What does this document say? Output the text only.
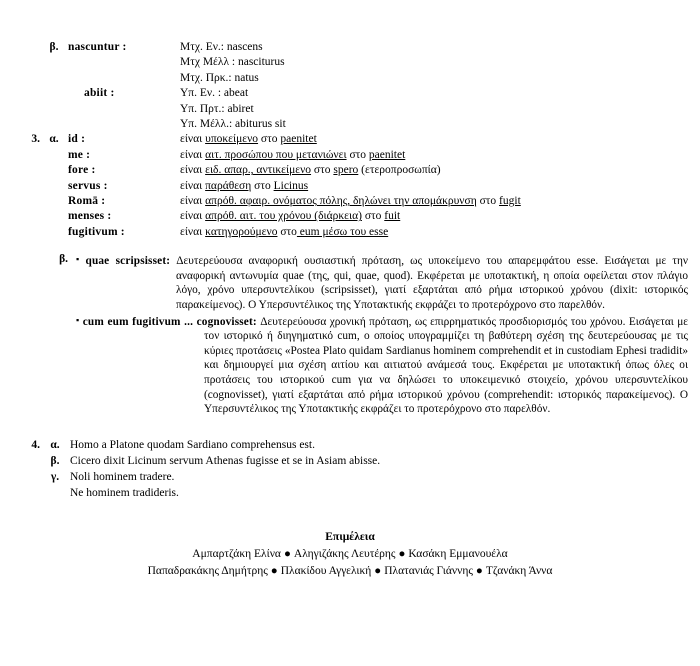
β. nascuntur :	Μτχ. Εν.: nascens
Μτχ Μέλλ : nasciturus
Μτχ. Πρκ.: natus
abiit :	Υπ. Εν. : abeat
Υπ. Πρτ.: abiret
Υπ. Μέλλ.: abiturus sit
3. α. id :	είναι υποκείμενο στο paenitet
me :	είναι αιτ. προσώπου που μετανιώνει στο paenitet
fore :	είναι ειδ. απαρ., αντικείμενο στο spero (ετεροπροσωπία)
servus :	είναι παράθεση στο Licinus
Romā :	είναι απρόθ. αφαιρ. ονόματος πόλης, δηλώνει την απομάκρυνση στο fugit
menses :	είναι απρόθ. αιτ. του χρόνου (διάρκεια) στο fuit
fugitivum :	είναι κατηγορούμενο στο eum μέσω του esse
β. ▪ quae scripsisset: Δευτερεύουσα αναφορική ουσιαστική πρόταση, ως υποκείμενο του απαρεμφάτου esse. Εισάγεται με την αναφορική αντωνυμία quae (της, qui, quae, quod). Εκφέρεται με υποτακτική, η οποία οφείλεται στον πλάγιο λόγο, χρόνο υπερσυντελίκου (scripsisset), γιατί εξαρτάται από ρήμα ιστορικού χρόνου (dixit: ιστορικός παρακείμενος). Ο Υπερσυντέλικος της Υποτακτικής εκφράζει το προτερόχρονο στο παρελθόν.
▪ cum eum fugitivum ... cognovisset: Δευτερεύουσα χρονική πρόταση, ως επιρρηματικός προσδιορισμός του χρόνου. Εισάγεται με τον ιστορικό ή διηγηματικό cum, ο οποίος υπογραμμίζει τη βαθύτερη σχέση της δευτερεύουσας με τις κύριες προτάσεις «Postea Plato quidam Sardianus hominem comprehendit et in custodiam Ephesi tradidit» και δημιουργεί μια σχέση αιτίου και αιτιατού ανάμεσά τους. Εκφέρεται με υποτακτική όπως όλες οι προτάσεις του ιστορικού cum για να δηλώσει το υποκειμενικό στοιχείο, χρόνου υπερσυντελίκου (cognovisset), γιατί εξαρτάται από ρήμα ιστορικού χρόνου (comprehendit: ιστορικός παρακείμενος). Ο Υπερσυντέλικος της Υποτακτικής εκφράζει το προτερόχρονο στο παρελθόν.
4. α. Homo a Platone quodam Sardiano comprehensus est.
β. Cicero dixit Licinum servum Athenas fugisse et se in Asiam abisse.
γ. Noli hominem tradere.
Ne hominem tradideris.
Επιμέλεια
Αμπαρτζάκη Ελίνα ● Αληγιζάκης Λευτέρης ● Κασάκη Εμμανουέλα
Παπαδρακάκης Δημήτρης ● Πλακίδου Αγγελική ● Πλατανιάς Γιάννης ● Τζανάκη Άννα
